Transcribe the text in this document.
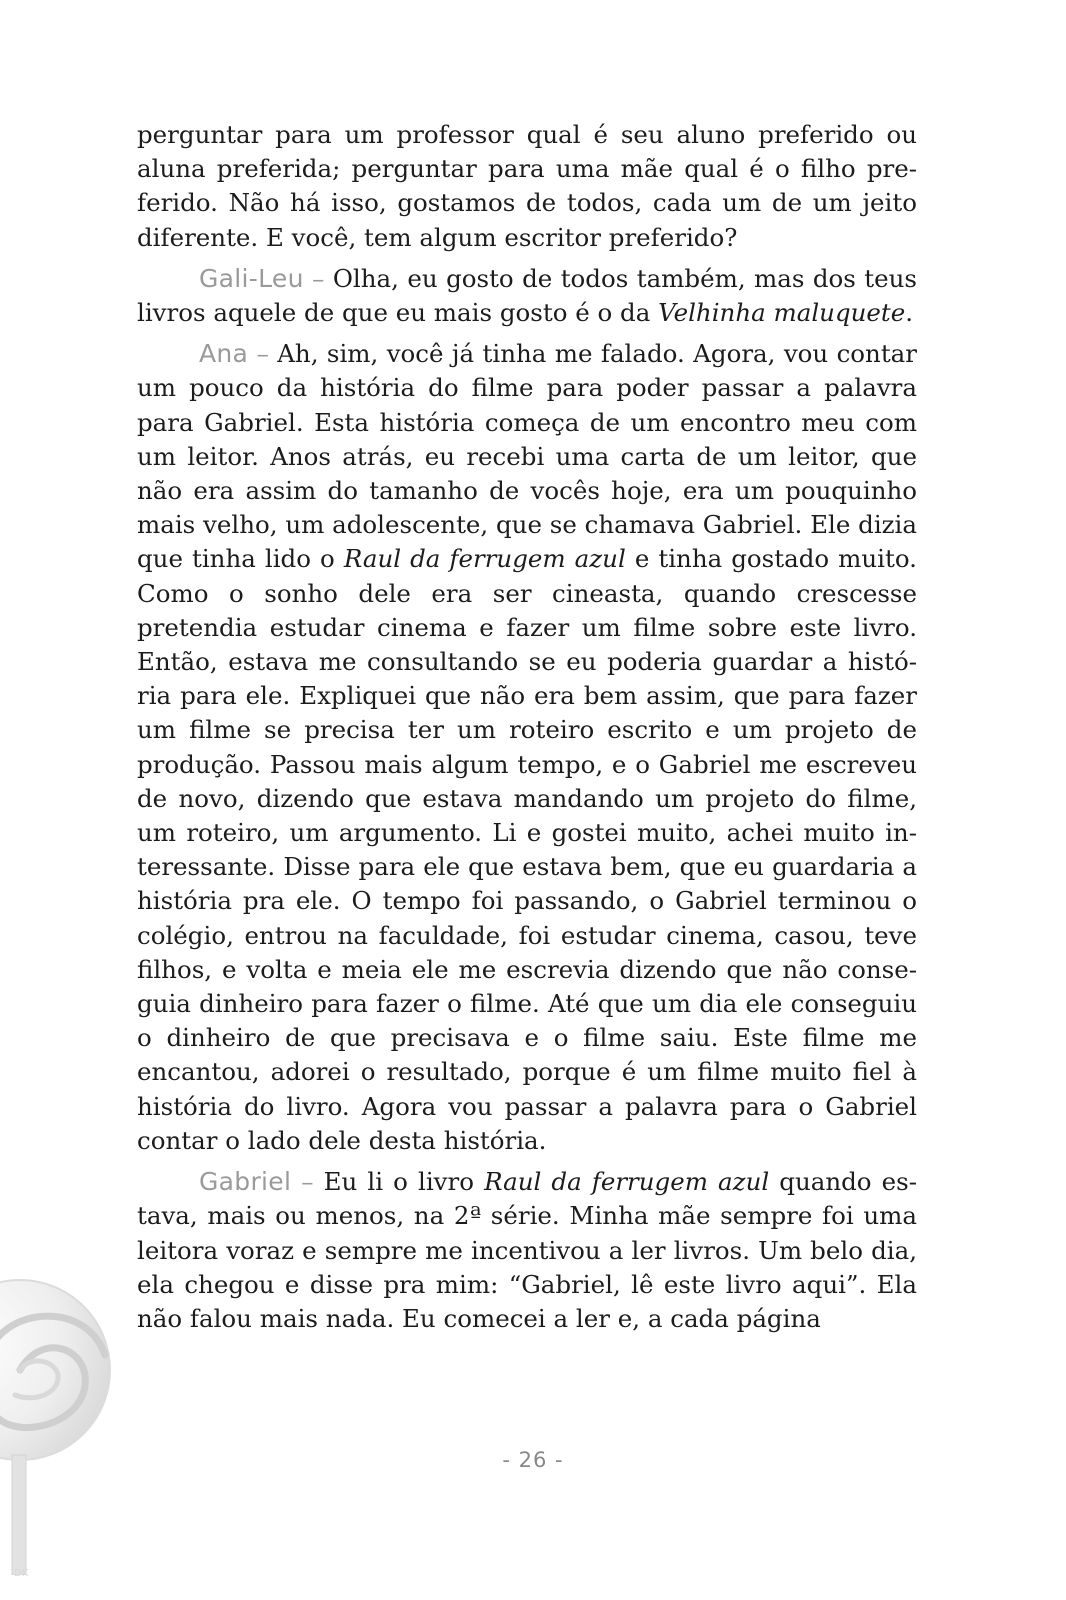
perguntar para um professor qual é seu aluno preferido ou aluna preferida; perguntar para uma mãe qual é o filho preferido. Não há isso, gostamos de todos, cada um de um jeito diferente. E você, tem algum escritor preferido?

Gali-Leu – Olha, eu gosto de todos também, mas dos teus livros aquele de que eu mais gosto é o da Velhinha maluquete.

Ana – Ah, sim, você já tinha me falado. Agora, vou contar um pouco da história do filme para poder passar a palavra para Gabriel. Esta história começa de um encontro meu com um leitor. Anos atrás, eu recebi uma carta de um leitor, que não era assim do tamanho de vocês hoje, era um pouquinho mais velho, um adolescente, que se chamava Gabriel. Ele dizia que tinha lido o Raul da ferrugem azul e tinha gostado muito. Como o sonho dele era ser cineasta, quando crescesse pretendia estudar cinema e fazer um filme sobre este livro. Então, estava me consultando se eu poderia guardar a história para ele. Expliquei que não era bem assim, que para fazer um filme se precisa ter um roteiro escrito e um projeto de produção. Passou mais algum tempo, e o Gabriel me escreveu de novo, dizendo que estava mandando um projeto do filme, um roteiro, um argumento. Li e gostei muito, achei muito interessante. Disse para ele que estava bem, que eu guardaria a história pra ele. O tempo foi passando, o Gabriel terminou o colégio, entrou na faculdade, foi estudar cinema, casou, teve filhos, e volta e meia ele me escrevia dizendo que não conseguia dinheiro para fazer o filme. Até que um dia ele conseguiu o dinheiro de que precisava e o filme saiu. Este filme me encantou, adorei o resultado, porque é um filme muito fiel à história do livro. Agora vou passar a palavra para o Gabriel contar o lado dele desta história.

Gabriel – Eu li o livro Raul da ferrugem azul quando estava, mais ou menos, na 2ª série. Minha mãe sempre foi uma leitora voraz e sempre me incentivou a ler livros. Um belo dia, ela chegou e disse pra mim: “Gabriel, lê este livro aqui”. Ela não falou mais nada. Eu comecei a ler e, a cada página

- 26 -
DK
